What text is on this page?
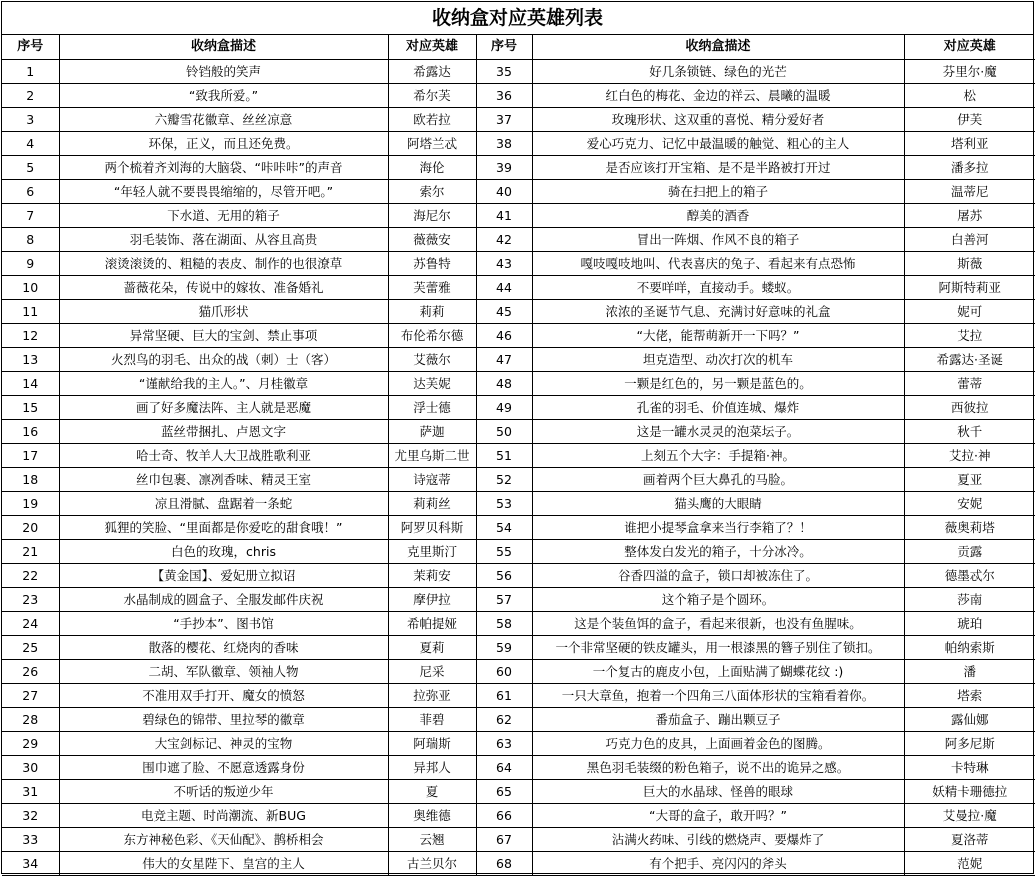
收纳盒对应英雄列表
序号	收纳盒描述	对应英雄	序号	收纳盒描述	对应英雄
1	铃铛般的笑声	希露达	35	好几条锁链、绿色的光芒	芬里尔·魔
2	“致我所爱。”	希尔芙	36	红白色的梅花、金边的祥云、晨曦的温暖	松
3	六瓣雪花徽章、丝丝凉意	欧若拉	37	玫瑰形状、这双重的喜悦、精分爱好者	伊芙
4	环保，正义，而且还免费。	阿塔兰忒	38	爱心巧克力、记忆中最温暖的触觉、粗心的主人	塔利亚
5	两个梳着齐刘海的大脑袋、“咔咔咔”的声音	海伦	39	是否应该打开宝箱、是不是半路被打开过	潘多拉
6	“年轻人就不要畏畏缩缩的，尽管开吧。”	索尔	40	骑在扫把上的箱子	温蒂尼
7	下水道、无用的箱子	海尼尔	41	醇美的酒香	屠苏
8	羽毛装饰、落在湖面、从容且高贵	薇薇安	42	冒出一阵烟、作风不良的箱子	白善河
9	滚烫滚烫的、粗糙的表皮、制作的也很潦草	苏鲁特	43	嘎吱嘎吱地叫、代表喜庆的兔子、看起来有点恐怖	斯薇
10	蔷薇花朵，传说中的嫁妆、准备婚礼	芙蕾雅	44	不要咩咩，直接动手。蝼蚁。	阿斯特莉亚
11	猫爪形状	莉莉	45	浓浓的圣诞节气息、充满讨好意味的礼盒	妮可
12	异常坚硬、巨大的宝剑、禁止事项	布伦希尔德	46	“大佬，能帮萌新开一下吗？”	艾拉
13	火烈鸟的羽毛、出众的战（刺）士（客）	艾薇尔	47	坦克造型、动次打次的机车	希露达·圣诞
14	“谨献给我的主人。”、月桂徽章	达芙妮	48	一颗是红色的，另一颗是蓝色的。	蕾蒂
15	画了好多魔法阵、主人就是恶魔	浮士德	49	孔雀的羽毛、价值连城、爆炸	西彼拉
16	蓝丝带捆扎、卢恩文字	萨迦	50	这是一罐水灵灵的泡菜坛子。	秋千
17	哈士奇、牧羊人大卫战胜歌利亚	尤里乌斯二世	51	上刻五个大字：手提箱·神。	艾拉·神
18	丝巾包裹、凛冽香味、精灵王室	诗寇蒂	52	画着两个巨大鼻孔的马脸。	夏亚
19	凉且滑腻、盘踞着一条蛇	莉莉丝	53	猫头鹰的大眼睛	安妮
20	狐狸的笑脸、“里面都是你爱吃的甜食哦！”	阿罗贝科斯	54	谁把小提琴盒拿来当行李箱了？！	薇奥莉塔
21	白色的玫瑰，chris	克里斯汀	55	整体发白发光的箱子，十分冰冷。	贡露
22	【黄金国】、爱妃册立拟诏	茉莉安	56	谷香四溢的盒子，锁口却被冻住了。	德墨忒尔
23	水晶制成的圆盒子、全服发邮件庆祝	摩伊拉	57	这个箱子是个圆环。	莎南
24	“手抄本”、图书馆	希帕提娅	58	这是个装鱼饵的盒子，看起来很新，也没有鱼腥味。	琥珀
25	散落的樱花、红烧肉的香味	夏莉	59	一个非常坚硬的铁皮罐头，用一根漆黑的簪子别住了锁扣。	帕纳索斯
26	二胡、军队徽章、领袖人物	尼采	60	一个复古的鹿皮小包，上面贴满了蝴蝶花纹 :)	潘
27	不准用双手打开、魔女的愤怒	拉弥亚	61	一只大章鱼，抱着一个四角三八面体形状的宝箱看着你。	塔索
28	碧绿色的锦带、里拉琴的徽章	菲碧	62	番茄盒子、蹦出颗豆子	露仙娜
29	大宝剑标记、神灵的宝物	阿瑞斯	63	巧克力色的皮具，上面画着金色的图腾。	阿多尼斯
30	围巾遮了脸、不愿意透露身份	异邦人	64	黑色羽毛装缀的粉色箱子，说不出的诡异之感。	卡特琳
31	不听话的叛逆少年	夏	65	巨大的水晶球、怪兽的眼球	妖精卡珊德拉
32	电竞主题、时尚潮流、新BUG	奥维德	66	“大哥的盒子，敢开吗？”	艾曼拉·魔
33	东方神秘色彩、《天仙配》、鹊桥相会	云翘	67	沾满火药味、引线的燃烧声、要爆炸了	夏洛蒂
34	伟大的女星陛下、皇宫的主人	古兰贝尔	68	有个把手、亮闪闪的斧头	范妮
